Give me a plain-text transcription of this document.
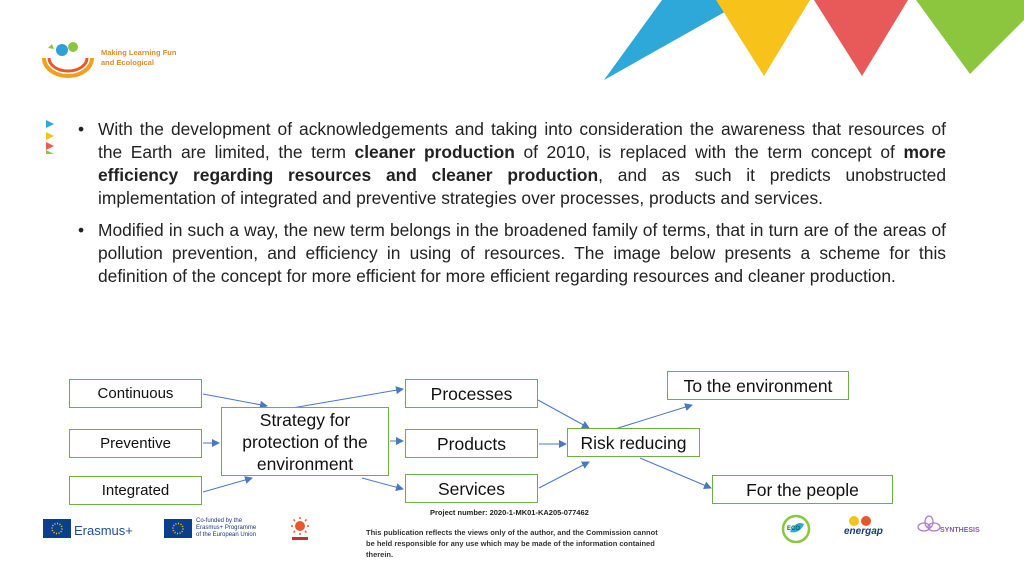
Making Learning Fun
and Ecological
• With the development of acknowledgements and taking into consideration the awareness that resources of the Earth are limited, the term cleaner production of 2010, is replaced with the term concept of more efficiency regarding resources and cleaner production, and as such it predicts unobstructed implementation of integrated and preventive strategies over processes, products and services.
• Modified in such a way, the new term belongs in the broadened family of terms, that in turn are of the areas of pollution prevention, and efficiency in using of resources. The image below presents a scheme for this definition of the concept for more efficient for more efficient regarding resources and cleaner production.
Continuous
Preventive
Integrated
Strategy for protection of the environment
Processes
Products
Services
Risk reducing
To the environment
For the people
Project number: 2020-1-MK01-KA205-077462
This publication reflects the views only of the author, and the Commission cannot be held responsible for any use which may be made of the information contained therein.
Erasmus+
Co-funded by the Erasmus+ Programme of the European Union
ECO	energap	SYNTHESIS
